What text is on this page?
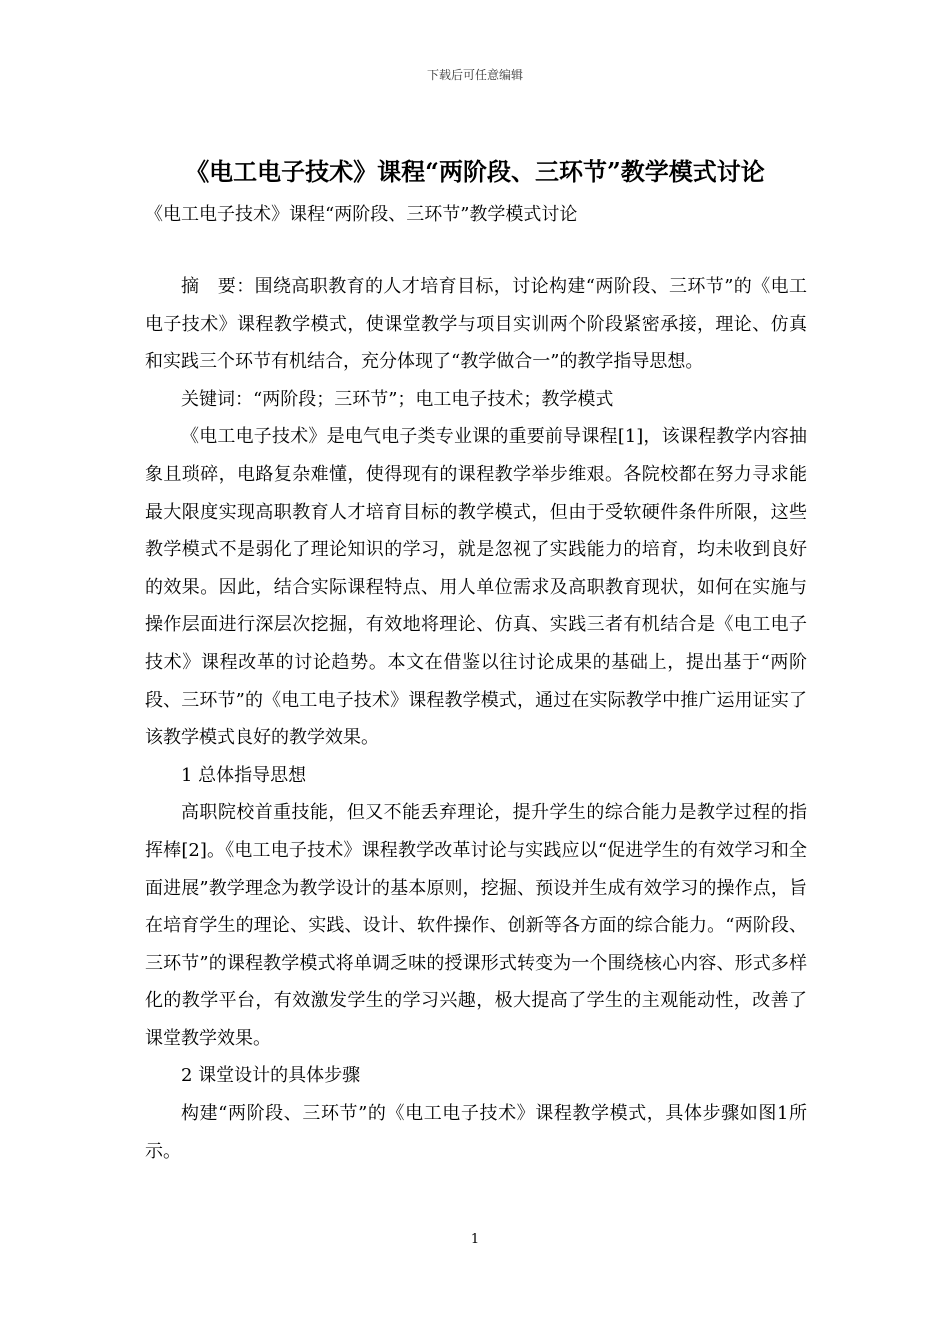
下载后可任意编辑
《电工电子技术》课程“两阶段、三环节”教学模式讨论
《电工电子技术》课程“两阶段、三环节”教学模式讨论

摘　要：围绕高职教育的人才培育目标，讨论构建“两阶段、三环节”的《电工电子技术》课程教学模式，使课堂教学与项目实训两个阶段紧密承接，理论、仿真和实践三个环节有机结合，充分体现了“教学做合一”的教学指导思想。

关键词：“两阶段；三环节”；电工电子技术；教学模式

《电工电子技术》是电气电子类专业课的重要前导课程[1]，该课程教学内容抽象且琐碎，电路复杂难懂，使得现有的课程教学举步维艰。各院校都在努力寻求能最大限度实现高职教育人才培育目标的教学模式，但由于受软硬件条件所限，这些教学模式不是弱化了理论知识的学习，就是忽视了实践能力的培育，均未收到良好的效果。因此，结合实际课程特点、用人单位需求及高职教育现状，如何在实施与操作层面进行深层次挖掘，有效地将理论、仿真、实践三者有机结合是《电工电子技术》课程改革的讨论趋势。本文在借鉴以往讨论成果的基础上，提出基于“两阶段、三环节”的《电工电子技术》课程教学模式，通过在实际教学中推广运用证实了该教学模式良好的教学效果。

1 总体指导思想

高职院校首重技能，但又不能丢弃理论，提升学生的综合能力是教学过程的指挥棒[2]。《电工电子技术》课程教学改革讨论与实践应以“促进学生的有效学习和全面进展”教学理念为教学设计的基本原则，挖掘、预设并生成有效学习的操作点，旨在培育学生的理论、实践、设计、软件操作、创新等各方面的综合能力。“两阶段、三环节”的课程教学模式将单调乏味的授课形式转变为一个围绕核心内容、形式多样化的教学平台，有效激发学生的学习兴趣，极大提高了学生的主观能动性，改善了课堂教学效果。

2 课堂设计的具体步骤

构建“两阶段、三环节”的《电工电子技术》课程教学模式，具体步骤如图1所示。

1
